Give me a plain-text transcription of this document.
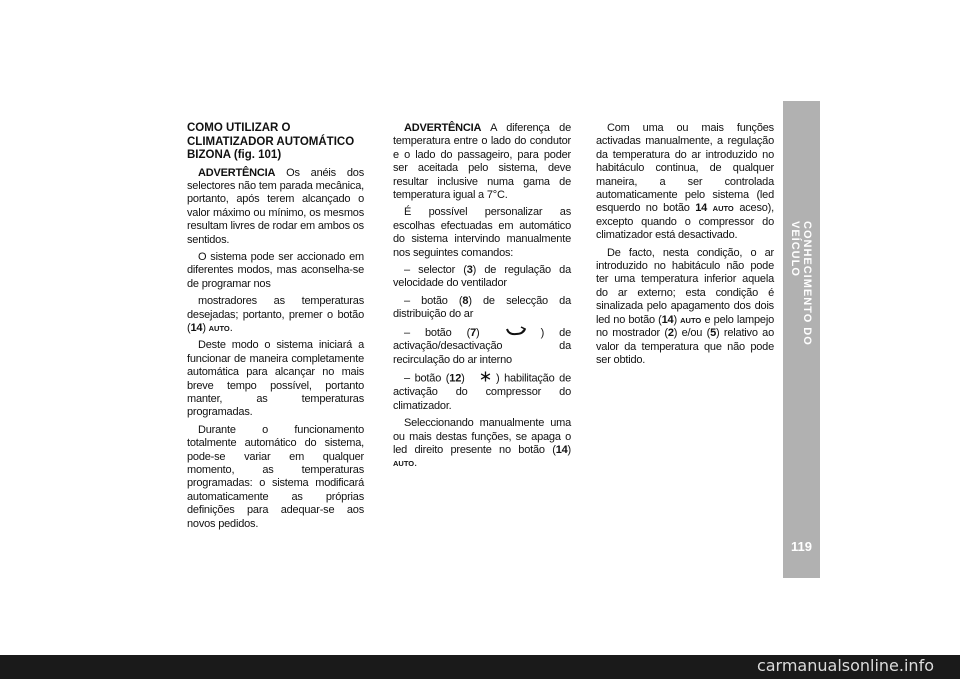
COMO UTILIZAR O CLIMATIZADOR AUTOMÁTICO BIZONA (fig. 101)

ADVERTÊNCIA Os anéis dos selectores não tem parada mecânica, portanto, após terem alcançado o valor máximo ou mínimo, os mesmos resultam livres de rodar em ambos os sentidos.

O sistema pode ser accionado em diferentes modos, mas aconselha-se de programar nos

mostradores as temperaturas desejadas; portanto, premer o botão (14) AUTO.

Deste modo o sistema iniciará a funcionar de maneira completamente automática para alcançar no mais breve tempo possível, portanto manter, as temperaturas programadas.

Durante o funcionamento totalmente automático do sistema, pode-se variar em qualquer momento, as temperaturas programadas: o sistema modificará automaticamente as próprias definições para adequar-se aos novos pedidos.

ADVERTÊNCIA A diferença de temperatura entre o lado do condutor e o lado do passageiro, para poder ser aceitada pelo sistema, deve resultar inclusive numa gama de temperatura igual a 7°C.

É possível personalizar as escolhas efectuadas em automático do sistema intervindo manualmente nos seguintes comandos:

– selector (3) de regulação da velocidade do ventilador

– botão (8) de selecção da distribuição do ar

– botão (7)	) de activação/desactivação da recirculação do ar interno

– botão (12)  ) habilitação de activação do compressor do climatizador.

Seleccionando manualmente uma ou mais destas funções, se apaga o led direito presente no botão (14) AUTO.

Com uma ou mais funções activadas manualmente, a regulação da temperatura do ar introduzido no habitáculo continua, de qualquer maneira, a ser controlada automaticamente pelo sistema (led esquerdo no botão 14 AUTO aceso), excepto quando o compressor do climatizador está desactivado.

De facto, nesta condição, o ar introduzido no habitáculo não pode ter uma temperatura inferior aquela do ar externo; esta condição é sinalizada pelo apagamento dos dois led no botão (14) AUTO e pelo lampejo no mostrador (2) e/ou (5) relativo ao valor da temperatura que não pode ser obtido.

CONHECIMENTO DO VEÍCULO
119
carmanualsonline.info
